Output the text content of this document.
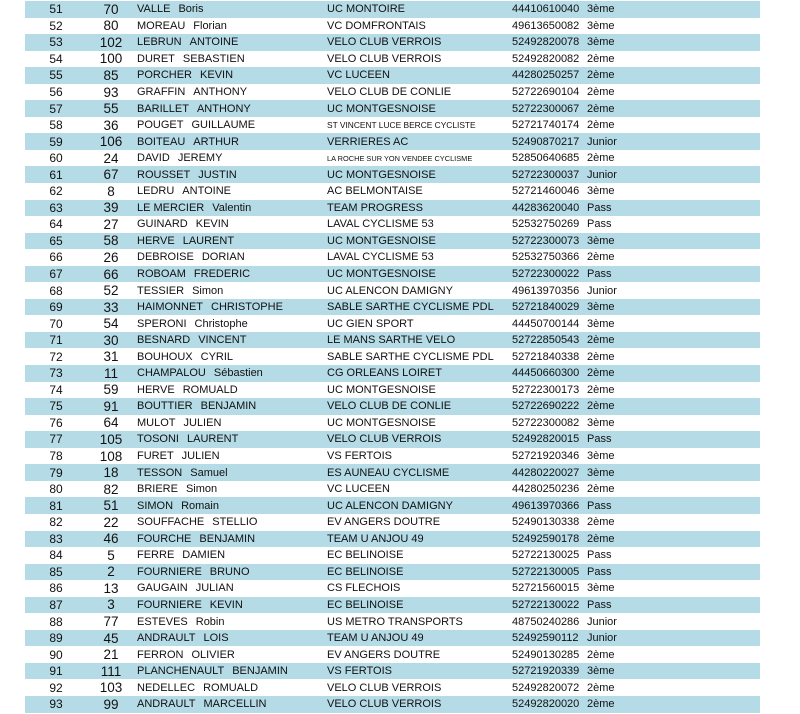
51	70	VALLE Boris	UC MONTOIRE	44410610040 3ème
52	80	MOREAU Florian	VC DOMFRONTAIS	49613650082 3ème
53	102	LEBRUN ANTOINE	VELO CLUB VERROIS	52492820078 3ème
54	100	DURET SEBASTIEN	VELO CLUB VERROIS	52492820082 2ème
55	85	PORCHER KEVIN	VC LUCEEN	44280250257 2ème
56	93	GRAFFIN ANTHONY	VELO CLUB DE CONLIE	52722690104 2ème
57	55	BARILLET ANTHONY	UC MONTGESNOISE	52722300067 2ème
58	36	POUGET GUILLAUME	ST VINCENT LUCE BERCE CYCLISTE	52721740174 2ème
59	106	BOITEAU ARTHUR	VERRIERES AC	52490870217 Junior
60	24	DAVID JEREMY	LA ROCHE SUR YON VENDEE CYCLISME	52850640685 2ème
61	67	ROUSSET JUSTIN	UC MONTGESNOISE	52722300037 Junior
62	8	LEDRU ANTOINE	AC BELMONTAISE	52721460046 3ème
63	39	LE MERCIER Valentin	TEAM PROGRESS	44283620040 Pass
64	27	GUINARD KEVIN	LAVAL CYCLISME 53	52532750269 Pass
65	58	HERVE LAURENT	UC MONTGESNOISE	52722300073 3ème
66	26	DEBROISE DORIAN	LAVAL CYCLISME 53	52532750366 2ème
67	66	ROBOAM FREDERIC	UC MONTGESNOISE	52722300022 Pass
68	52	TESSIER Simon	UC ALENCON DAMIGNY	49613970356 Junior
69	33	HAIMONNET CHRISTOPHE	SABLE SARTHE CYCLISME PDL	52721840029 3ème
70	54	SPERONI Christophe	UC GIEN SPORT	44450700144 3ème
71	30	BESNARD VINCENT	LE MANS SARTHE VELO	52722850543 2ème
72	31	BOUHOUX CYRIL	SABLE SARTHE CYCLISME PDL	52721840338 2ème
73	11	CHAMPALOU Sébastien	CG ORLEANS LOIRET	44450660300 2ème
74	59	HERVE ROMUALD	UC MONTGESNOISE	52722300173 2ème
75	91	BOUTTIER BENJAMIN	VELO CLUB DE CONLIE	52722690222 2ème
76	64	MULOT JULIEN	UC MONTGESNOISE	52722300082 3ème
77	105	TOSONI LAURENT	VELO CLUB VERROIS	52492820015 Pass
78	108	FURET JULIEN	VS FERTOIS	52721920346 3ème
79	18	TESSON Samuel	ES AUNEAU CYCLISME	44280220027 3ème
80	82	BRIERE Simon	VC LUCEEN	44280250236 2ème
81	51	SIMON Romain	UC ALENCON DAMIGNY	49613970366 Pass
82	22	SOUFFACHE STELLIO	EV ANGERS DOUTRE	52490130338 2ème
83	46	FOURCHE BENJAMIN	TEAM U ANJOU 49	52492590178 2ème
84	5	FERRE DAMIEN	EC BELINOISE	52722130025 Pass
85	2	FOURNIERE BRUNO	EC BELINOISE	52722130005 Pass
86	13	GAUGAIN JULIAN	CS FLECHOIS	52721560015 3ème
87	3	FOURNIERE KEVIN	EC BELINOISE	52722130022 Pass
88	77	ESTEVES Robin	US METRO TRANSPORTS	48750240286 Junior
89	45	ANDRAULT LOIS	TEAM U ANJOU 49	52492590112 Junior
90	21	FERRON OLIVIER	EV ANGERS DOUTRE	52490130285 2ème
91	111	PLANCHENAULT BENJAMIN	VS FERTOIS	52721920339 3ème
92	103	NEDELLEC ROMUALD	VELO CLUB VERROIS	52492820072 2ème
93	99	ANDRAULT MARCELLIN	VELO CLUB VERROIS	52492820020 2ème
